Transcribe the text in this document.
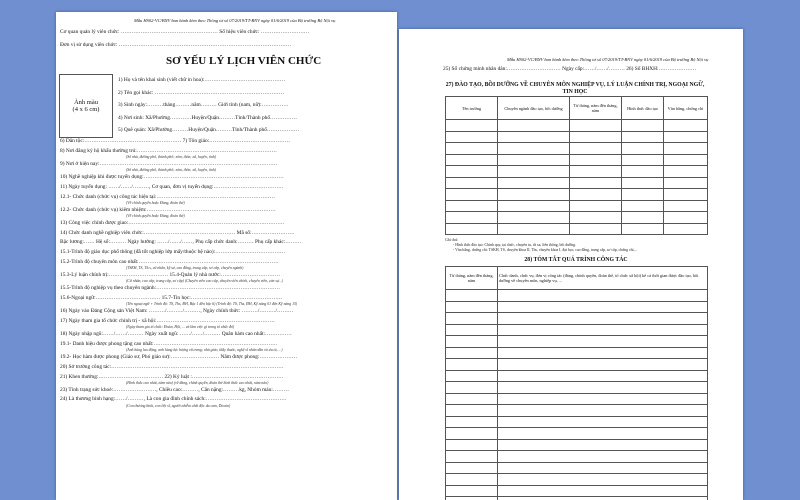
Mẫu HS02-VC/BNV ban hành kèm theo Thông tư số 07/2019/TT-BNV ngày 01/6/2019 của Bộ trưởng Bộ Nội vụ
Cơ quan quản lý viên chức: ……………………………………………… Số hiệu viên chức: ………………………
Đơn vị sử dụng viên chức: ……………………………………………………………………………………
SƠ YẾU LÝ LỊCH VIÊN CHỨC
Ảnh màu
(4 x 6 cm)
1) Họ và tên khai sinh (viết chữ in hoa):………………………………………
2) Tên gọi khác: ………………………………………………………………
3) Sinh ngày:………tháng………năm……… Giới tính (nam, nữ):……………
4) Nơi sinh: Xã/Phường…………Huyện/Quận………Tỉnh/Thành phố……………
5) Quê quán: Xã/Phường………Huyện/Quận………Tỉnh/Thành phố………………
6) Dân tộc:……………………………………………… 7) Tôn giáo:………………………………………
8) Nơi đăng ký hộ khẩu thường trú:……………………………………………………………………
(Số nhà, đường phố, thành phố; xóm, thôn, xã, huyện, tỉnh)
9) Nơi ở hiện nay:………………………………………………………………………………………
(Số nhà, đường phố, thành phố; xóm, thôn, xã, huyện, tỉnh)
10) Nghề nghiệp khi được tuyển dụng:……………………………………………………………………
11) Ngày tuyển dụng: ……/……/………, Cơ quan, đơn vị tuyển dụng:…………………………………
12.1- Chức danh (chức vụ) công tác hiện tại:…………………………………………………………
(Về chính quyền hoặc Đảng, đoàn thể)
12.2- Chức danh (chức vụ) kiêm nhiệm:………………………………………………………………
(Về chính quyền hoặc Đảng, đoàn thể)
13) Công việc chính được giao:……………………………………………………………………………
14) Chức danh nghề nghiệp viên chức:…………………………………………… Mã số:……………………
Bậc lương:…… Hệ số:……… Ngày hưởng: ……/……/……, Phụ cấp chức danh:……… Phụ cấp khác:………
15.1-Trình độ giáo dục phổ thông (đã tốt nghiệp lớp mấy/thuộc hệ nào):…………………………………
15.2-Trình độ chuyên môn cao nhất:……………………………………………………………………
(TSKH, TS, Th.s, cử nhân, kỹ sư, cao đẳng, trung cấp, sơ cấp, chuyên ngành)
15.3-Lý luận chính trị:…………………………… 15.4-Quản lý nhà nước:……………………………
(Cử nhân, cao cấp, trung cấp, sơ cấp) (Chuyên viên cao cấp, chuyên viên chính, chuyên viên, cán sự...)
15.5-Trình độ nghiệp vụ theo chuyên ngành:……………………………………………………………
15.6-Ngoại ngữ:……………………………… 15.7-Tin học:……………………………………………
(Tên ngoại ngữ + Trình độ: TS, Ths, ĐH, Bậc 1 đến bậc 6) (Trình độ: TS, Ths, ĐH, Kỹ năng 01 đến Kỹ năng 15)
16) Ngày vào Đảng Cộng sản Việt Nam: ………/………/………, Ngày chính thức: ………/………/………
17) Ngày tham gia tổ chức chính trị - xã hội:…………………………………………………………
(Ngày tham gia tổ chức: Đoàn, Hội, ... và làm việc gì trong tổ chức đó)
18) Ngày nhập ngũ:……/……/……… Ngày xuất ngũ: ……/……/……… Quân hàm cao nhất:……………
19.1- Danh hiệu được phong tặng cao nhất:……………………………………………………………
(Anh hùng lao động, anh hùng lực lượng vũ trang; nhà giáo, thầy thuốc, nghệ sĩ nhân dân và ưu tú, ...)
19.2- Học hàm được phong (Giáo sư, Phó giáo sư):……………………… Năm được phong:…………………
20) Sở trường công tác:……………………………………………………………………………………
21) Khen thưởng:……………………………… 22) Kỷ luật :……………………………………………
(Hình thức cao nhất, năm nào) (về đảng, chính quyền, đoàn thể hình thức cao nhất, năm nào)
23) Tình trạng sức khoẻ:……………………, Chiều cao:………, Cân nặng:………kg, Nhóm máu:………
24) Là thương binh hạng:……/………, Là con gia đình chính sách:………………………………………
(Con thương binh, con liệt sĩ, người nhiễm chất độc da cam, Dioxin)
Mẫu HS02-VC/BNV ban hành kèm theo Thông tư số 07/2019/TT-BNV ngày 01/6/2019 của Bộ trưởng Bộ Nội vụ
25) Số chứng minh nhân dân:………………………… Ngày cấp:……/……/……… 26) Số BHXH:…………………
27) ĐÀO TẠO, BỒI DƯỠNG VỀ CHUYÊN MÔN NGHIỆP VỤ, LÝ LUẬN CHÍNH TRỊ, NGOẠI NGỮ, TIN HỌC
Tên trường	Chuyên ngành đào tạo, bồi dưỡng	Từ tháng, năm đến tháng, năm	Hình thức đào tạo	Văn bằng, chứng chỉ

Ghi chú:
- Hình thức đào tạo: Chính quy, tại chức, chuyên tu, từ xa, liên thông, bồi dưỡng.
- Văn bằng, chứng chỉ: TSKH, TS, chuyên khoa II, Ths, chuyên khoa I, đại học, cao đẳng, trung cấp, sơ cấp, chứng chỉ,...
28) TÓM TẮT QUÁ TRÌNH CÔNG TÁC
Từ tháng, năm đến tháng, năm	Chức danh, chức vụ, đơn vị công tác (đảng, chính quyền, đoàn thể, tổ chức xã hội) kể cả thời gian được đào tạo, bồi dưỡng về chuyên môn, nghiệp vụ, ...
